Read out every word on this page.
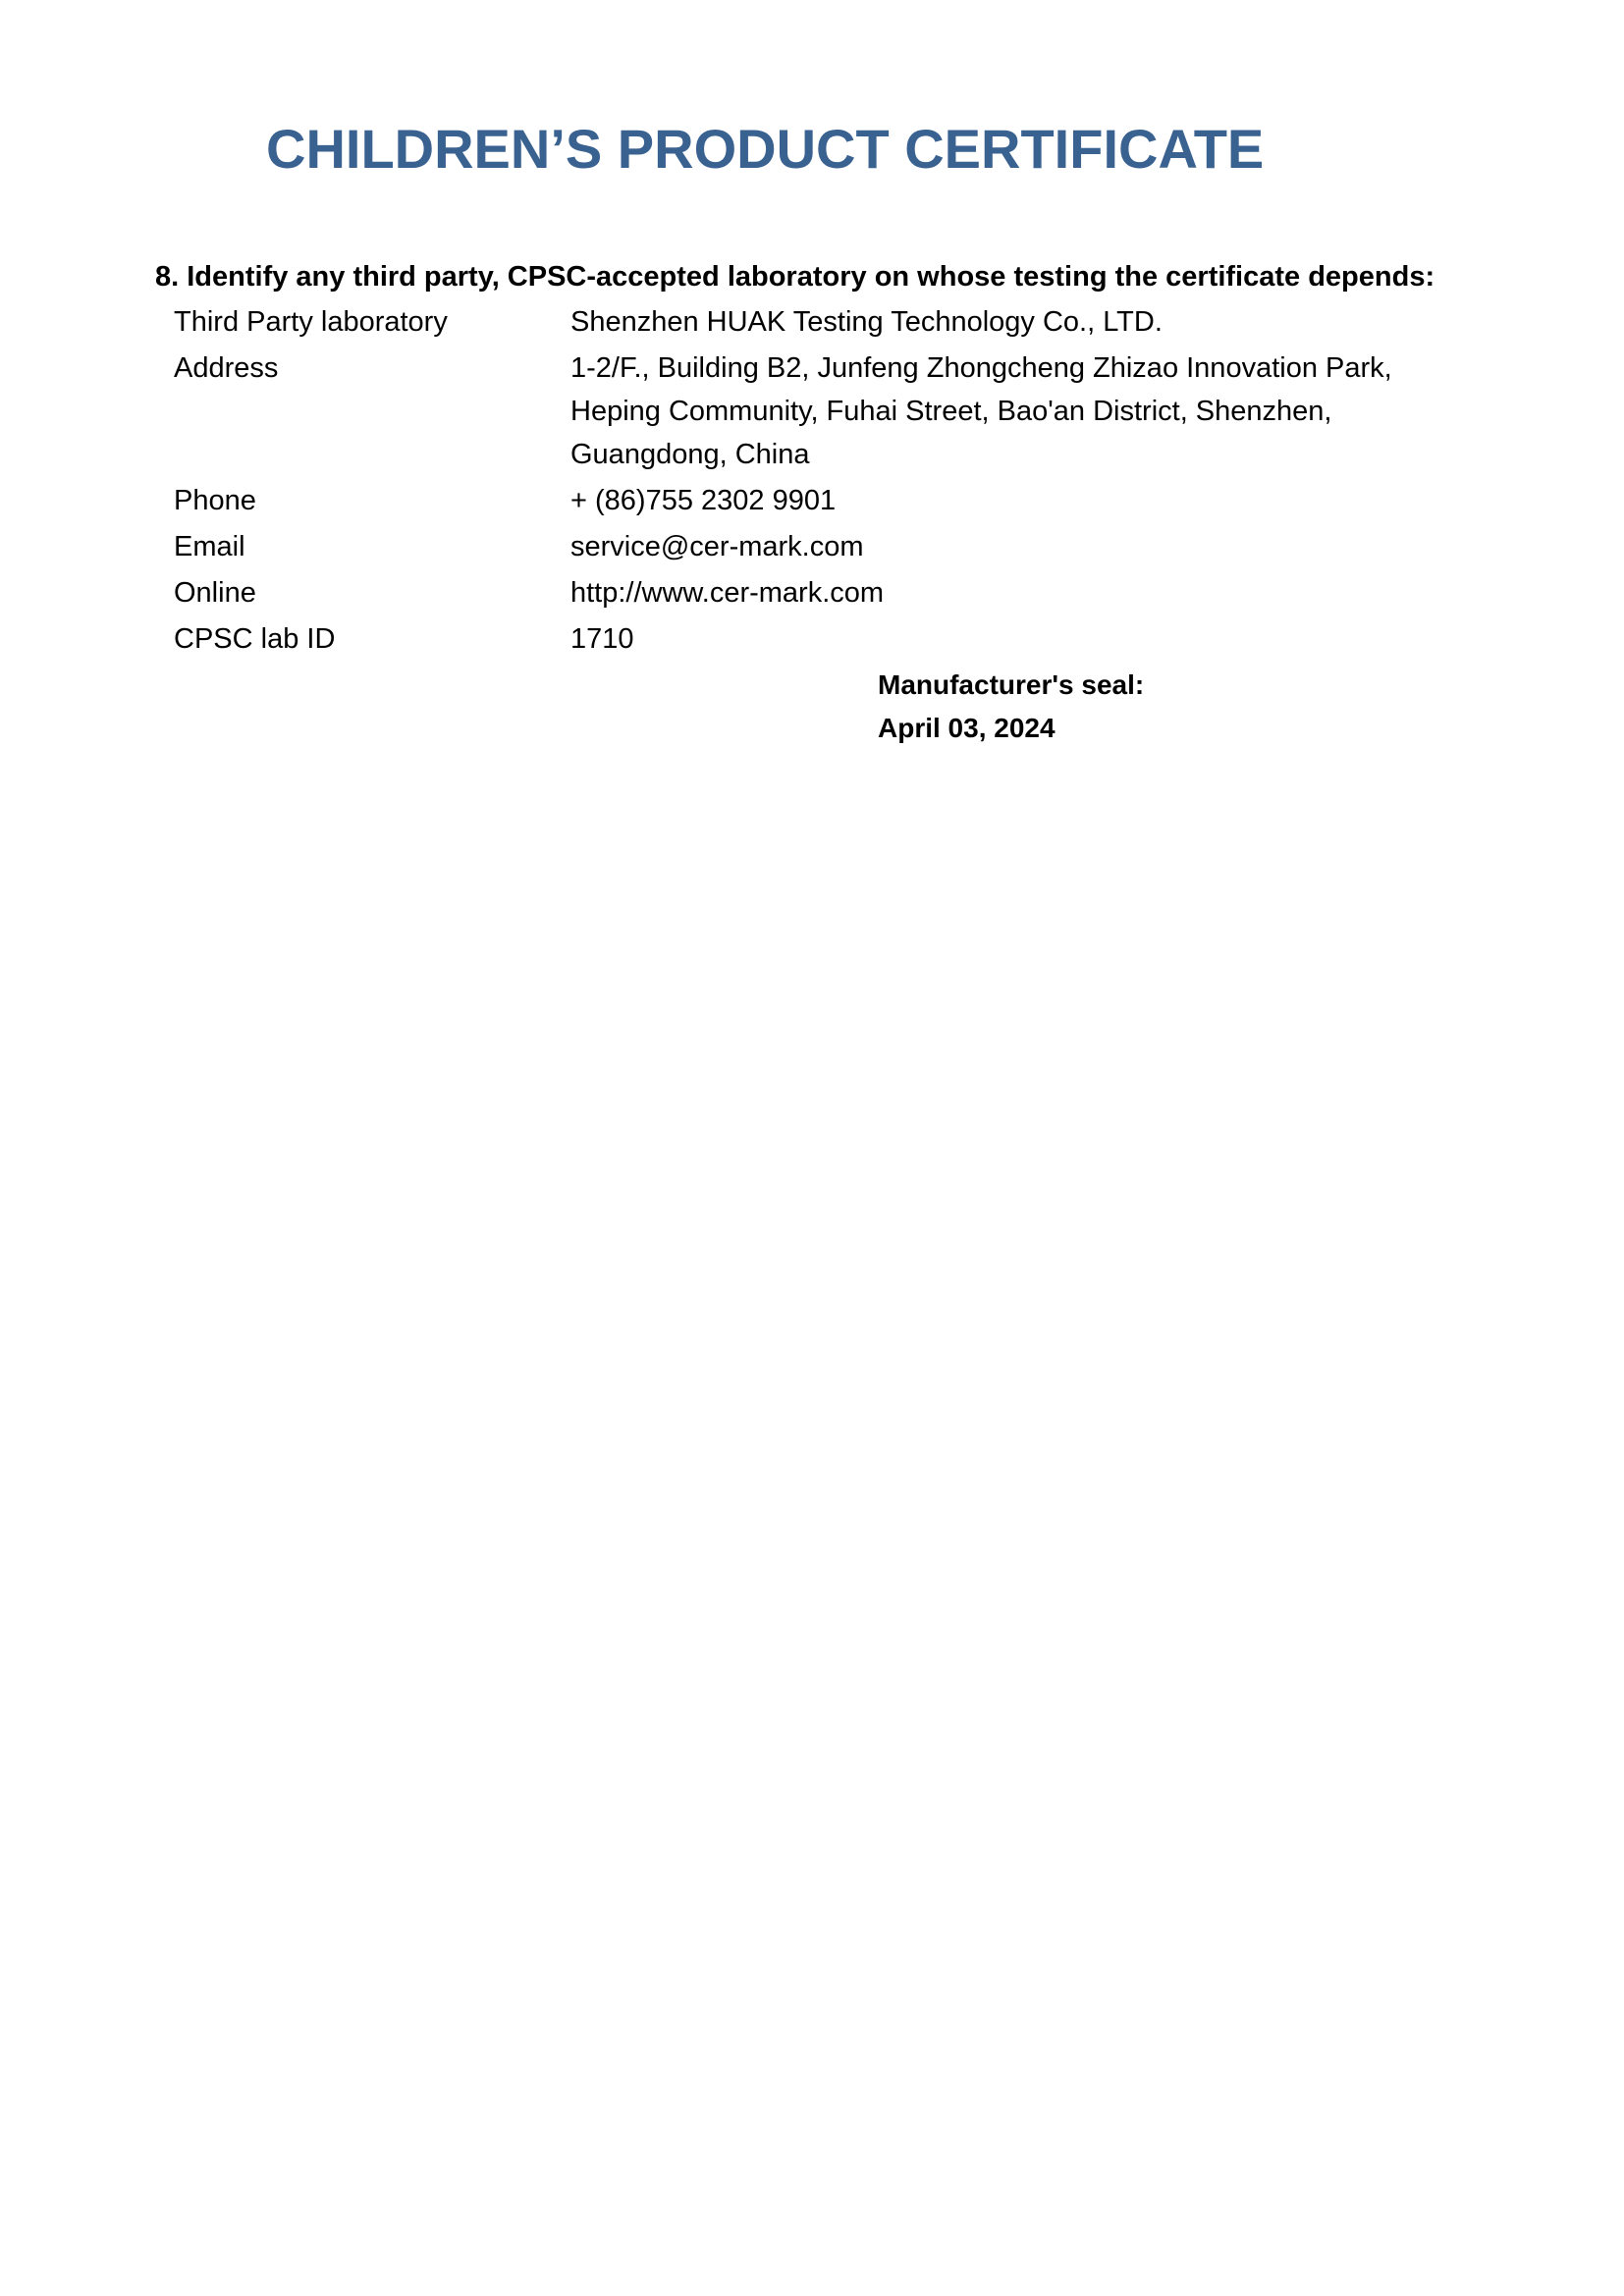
CHILDREN’S PRODUCT CERTIFICATE

8. Identify any third party, CPSC-accepted laboratory on whose testing the certificate depends:

Third Party laboratory	Shenzhen HUAK Testing Technology Co., LTD.
Address	1-2/F., Building B2, Junfeng Zhongcheng Zhizao Innovation Park,
Heping Community, Fuhai Street, Bao'an District, Shenzhen,
Guangdong, China
Phone	+ (86)755 2302 9901
Email	service@cer-mark.com
Online	http://www.cer-mark.com
CPSC lab ID	1710
Manufacturer's seal:
April 03, 2024
